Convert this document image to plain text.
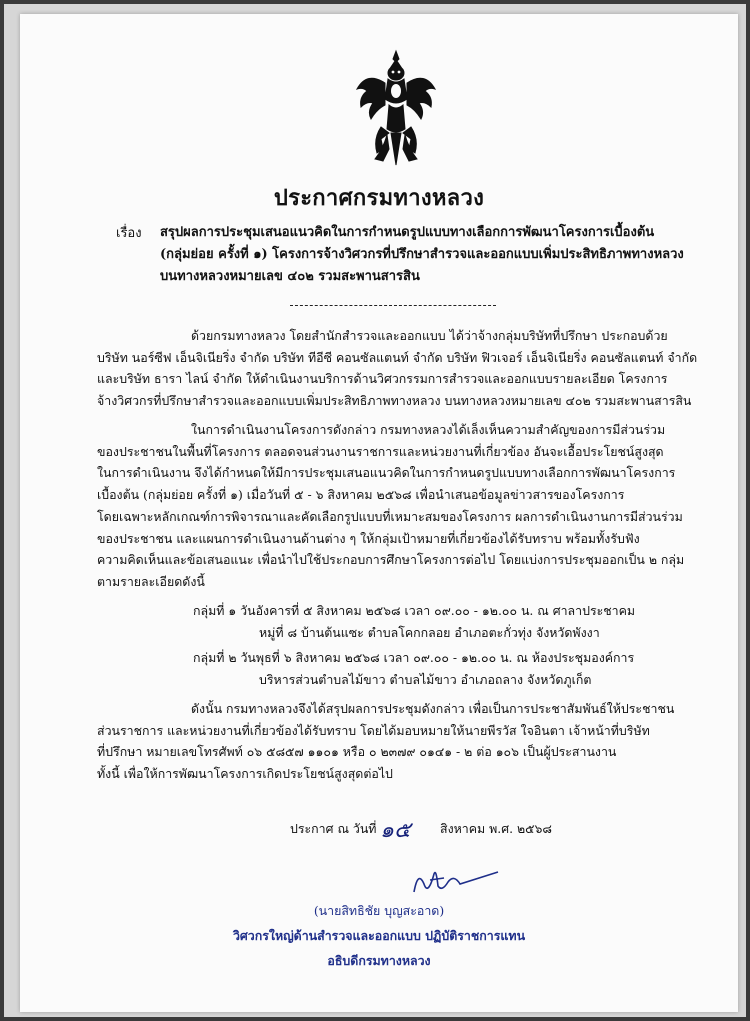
ประกาศกรมทางหลวง
เรื่อง สรุปผลการประชุมเสนอแนวคิดในการกำหนดรูปแบบทางเลือกการพัฒนาโครงการเบื้องต้น
(กลุ่มย่อย ครั้งที่ ๑) โครงการจ้างวิศวกรที่ปรึกษาสำรวจและออกแบบเพิ่มประสิทธิภาพทางหลวง
บนทางหลวงหมายเลข ๔๐๒ รวมสะพานสารสิน
ด้วยกรมทางหลวง โดยสำนักสำรวจและออกแบบ ได้ว่าจ้างกลุ่มบริษัทที่ปรึกษา ประกอบด้วย
บริษัท นอร์ซีฟ เอ็นจิเนียริ่ง จำกัด บริษัท ทีอีซี คอนซัลแตนท์ จำกัด บริษัท ฟิวเจอร์ เอ็นจิเนียริ่ง คอนซัลแตนท์ จำกัด
และบริษัท ธารา ไลน์ จำกัด ให้ดำเนินงานบริการด้านวิศวกรรมการสำรวจและออกแบบรายละเอียด โครงการ
จ้างวิศวกรที่ปรึกษาสำรวจและออกแบบเพิ่มประสิทธิภาพทางหลวง บนทางหลวงหมายเลข ๔๐๒ รวมสะพานสารสิน
ในการดำเนินงานโครงการดังกล่าว กรมทางหลวงได้เล็งเห็นความสำคัญของการมีส่วนร่วม
ของประชาชนในพื้นที่โครงการ ตลอดจนส่วนงานราชการและหน่วยงานที่เกี่ยวข้อง อันจะเอื้อประโยชน์สูงสุด
ในการดำเนินงาน จึงได้กำหนดให้มีการประชุมเสนอแนวคิดในการกำหนดรูปแบบทางเลือกการพัฒนาโครงการ
เบื้องต้น (กลุ่มย่อย ครั้งที่ ๑) เมื่อวันที่ ๕ - ๖ สิงหาคม ๒๕๖๘ เพื่อนำเสนอข้อมูลข่าวสารของโครงการ
โดยเฉพาะหลักเกณฑ์การพิจารณาและคัดเลือกรูปแบบที่เหมาะสมของโครงการ ผลการดำเนินงานการมีส่วนร่วม
ของประชาชน และแผนการดำเนินงานด้านต่าง ๆ ให้กลุ่มเป้าหมายที่เกี่ยวข้องได้รับทราบ พร้อมทั้งรับฟัง
ความคิดเห็นและข้อเสนอแนะ เพื่อนำไปใช้ประกอบการศึกษาโครงการต่อไป โดยแบ่งการประชุมออกเป็น ๒ กลุ่ม
ตามรายละเอียดดังนี้
กลุ่มที่ ๑ วันอังคารที่ ๕ สิงหาคม ๒๕๖๘ เวลา ๐๙.๐๐ - ๑๒.๐๐ น. ณ ศาลาประชาคม
หมู่ที่ ๘ บ้านต้นแซะ ตำบลโคกกลอย อำเภอตะกั่วทุ่ง จังหวัดพังงา
กลุ่มที่ ๒ วันพุธที่ ๖ สิงหาคม ๒๕๖๘ เวลา ๐๙.๐๐ - ๑๒.๐๐ น. ณ ห้องประชุมองค์การ
บริหารส่วนตำบลไม้ขาว ตำบลไม้ขาว อำเภอถลาง จังหวัดภูเก็ต
ดังนั้น กรมทางหลวงจึงได้สรุปผลการประชุมดังกล่าว เพื่อเป็นการประชาสัมพันธ์ให้ประชาชน
ส่วนราชการ และหน่วยงานที่เกี่ยวข้องได้รับทราบ โดยได้มอบหมายให้นายพีรวัส ใจอินตา เจ้าหน้าที่บริษัท
ที่ปรึกษา หมายเลขโทรศัพท์ ๐๖ ๕๘๕๗ ๑๑๐๑ หรือ ๐ ๒๓๗๙ ๐๑๔๑ - ๒ ต่อ ๑๐๖ เป็นผู้ประสานงาน
ทั้งนี้ เพื่อให้การพัฒนาโครงการเกิดประโยชน์สูงสุดต่อไป
ประกาศ ณ วันที่ ๑๕ สิงหาคม พ.ศ. ๒๕๖๘
(นายสิทธิชัย บุญสะอาด)
วิศวกรใหญ่ด้านสำรวจและออกแบบ ปฏิบัติราชการแทน
อธิบดีกรมทางหลวง
